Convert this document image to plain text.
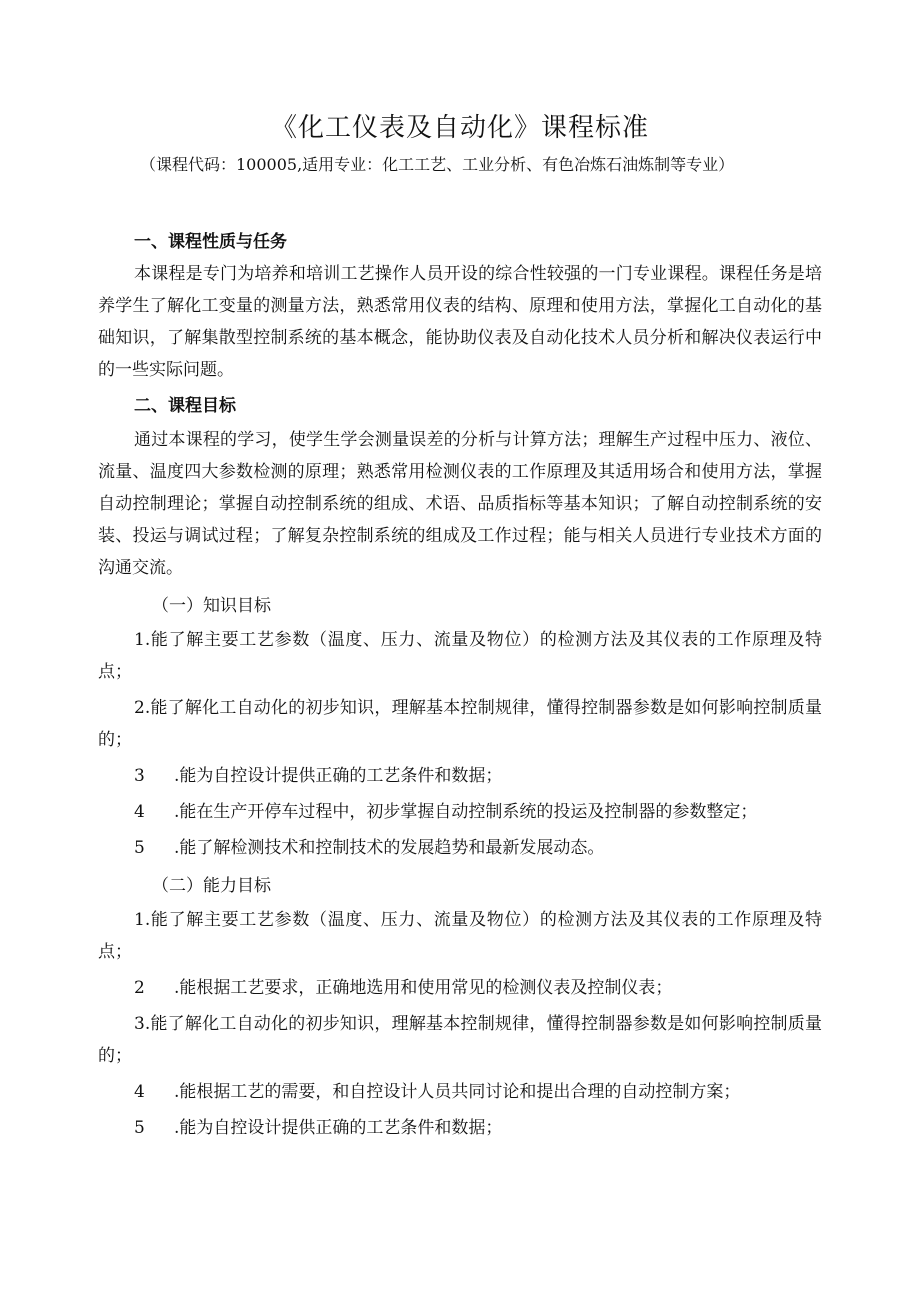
《化工仪表及自动化》课程标准
（课程代码：100005,适用专业：化工工艺、工业分析、有色冶炼石油炼制等专业）

一、课程性质与任务

本课程是专门为培养和培训工艺操作人员开设的综合性较强的一门专业课程。课程任务是培养学生了解化工变量的测量方法，熟悉常用仪表的结构、原理和使用方法，掌握化工自动化的基础知识，了解集散型控制系统的基本概念，能协助仪表及自动化技术人员分析和解决仪表运行中的一些实际问题。

二、课程目标

通过本课程的学习，使学生学会测量误差的分析与计算方法；理解生产过程中压力、液位、流量、温度四大参数检测的原理；熟悉常用检测仪表的工作原理及其适用场合和使用方法，掌握自动控制理论；掌握自动控制系统的组成、术语、品质指标等基本知识；了解自动控制系统的安装、投运与调试过程；了解复杂控制系统的组成及工作过程；能与相关人员进行专业技术方面的沟通交流。

（一）知识目标

1.能了解主要工艺参数（温度、压力、流量及物位）的检测方法及其仪表的工作原理及特点；

2.能了解化工自动化的初步知识，理解基本控制规律，懂得控制器参数是如何影响控制质量的；

3 .能为自控设计提供正确的工艺条件和数据；

4 .能在生产开停车过程中，初步掌握自动控制系统的投运及控制器的参数整定；

5 .能了解检测技术和控制技术的发展趋势和最新发展动态。

（二）能力目标

1.能了解主要工艺参数（温度、压力、流量及物位）的检测方法及其仪表的工作原理及特点；

2 .能根据工艺要求，正确地选用和使用常见的检测仪表及控制仪表；

3.能了解化工自动化的初步知识，理解基本控制规律，懂得控制器参数是如何影响控制质量的；

4 .能根据工艺的需要，和自控设计人员共同讨论和提出合理的自动控制方案；

5 .能为自控设计提供正确的工艺条件和数据；
